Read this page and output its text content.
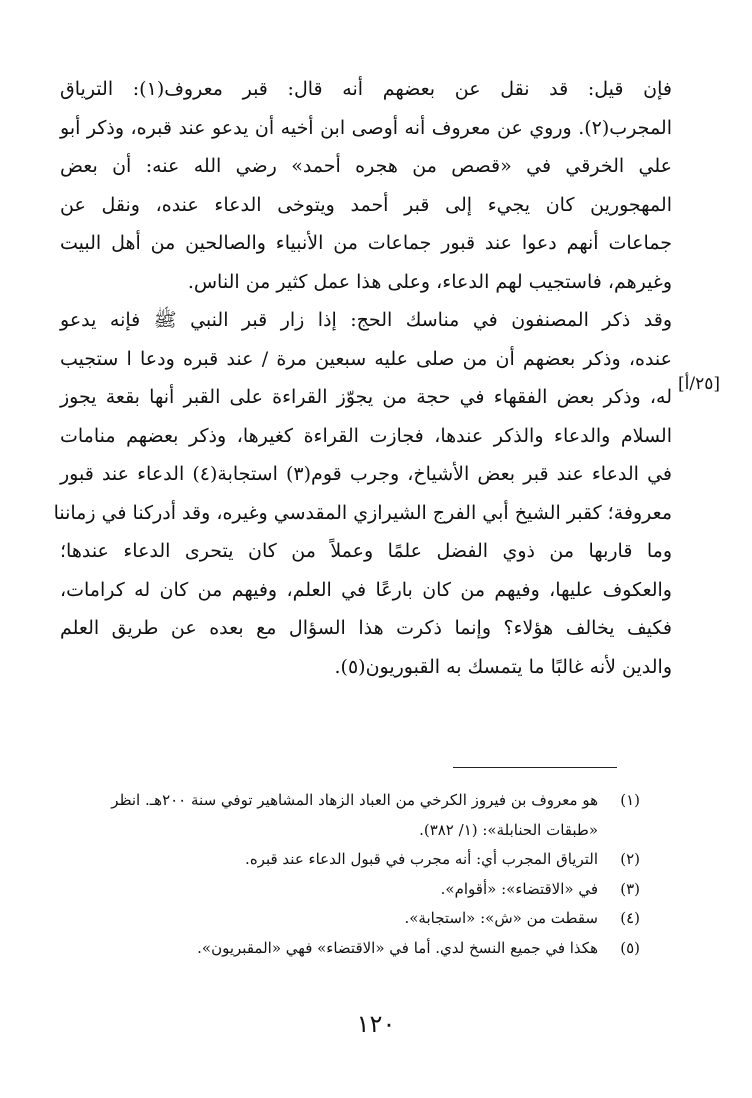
فإن قيل: قد نقل عن بعضهم أنه قال: قبر معروف(١): الترياق
المجرب(٢). وروي عن معروف أنه أوصى ابن أخيه أن يدعو عند قبره، وذكر أبو
علي الخرقي في «قصص من هجره أحمد» رضي الله عنه: أن بعض
المهجورين كان يجيء إلى قبر أحمد ويتوخى الدعاء عنده، ونقل عن
جماعات أنهم دعوا عند قبور جماعات من الأنبياء والصالحين من أهل البيت
وغيرهم، فاستجيب لهم الدعاء، وعلى هذا عمل كثير من الناس.
وقد ذكر المصنفون في مناسك الحج: إذا زار قبر النبي ﷺ فإنه يدعو
عنده، وذكر بعضهم أن من صلى عليه سبعين مرة / عند قبره ودعا ا ستجيب
له، وذكر بعض الفقهاء في حجة من يجوّز القراءة على القبر أنها بقعة يجوز
السلام والدعاء والذكر عندها، فجازت القراءة كغيرها، وذكر بعضهم منامات
في الدعاء عند قبر بعض الأشياخ، وجرب قوم(٣) استجابة(٤) الدعاء عند قبور
معروفة؛ كقبر الشيخ أبي الفرج الشيرازي المقدسي وغيره، وقد أدركنا في زماننا
وما قاربها من ذوي الفضل علمًا وعملاً من كان يتحرى الدعاء عندها؛
والعكوف عليها، وفيهم من كان بارعًا في العلم، وفيهم من كان له كرامات،
فكيف يخالف هؤلاء؟ وإنما ذكرت هذا السؤال مع بعده عن طريق العلم
والدين لأنه غالبًا ما يتمسك به القبوريون(٥).
[٢٥/أ]
(١)
هو معروف بن فيروز الكرخي من العباد الزهاد المشاهير توفي سنة ٢٠٠هـ. انظر
«طبقات الحنابلة»: (١/ ٣٨٢).
(٢)
الترياق المجرب أي: أنه مجرب في قبول الدعاء عند قبره.
(٣)
في «الاقتضاء»: «أقوام».
(٤)
سقطت من «ش»: «استجابة».
(٥)
هكذا في جميع النسخ لدي. أما في «الاقتضاء» فهي «المقبريون».
١٢٠
